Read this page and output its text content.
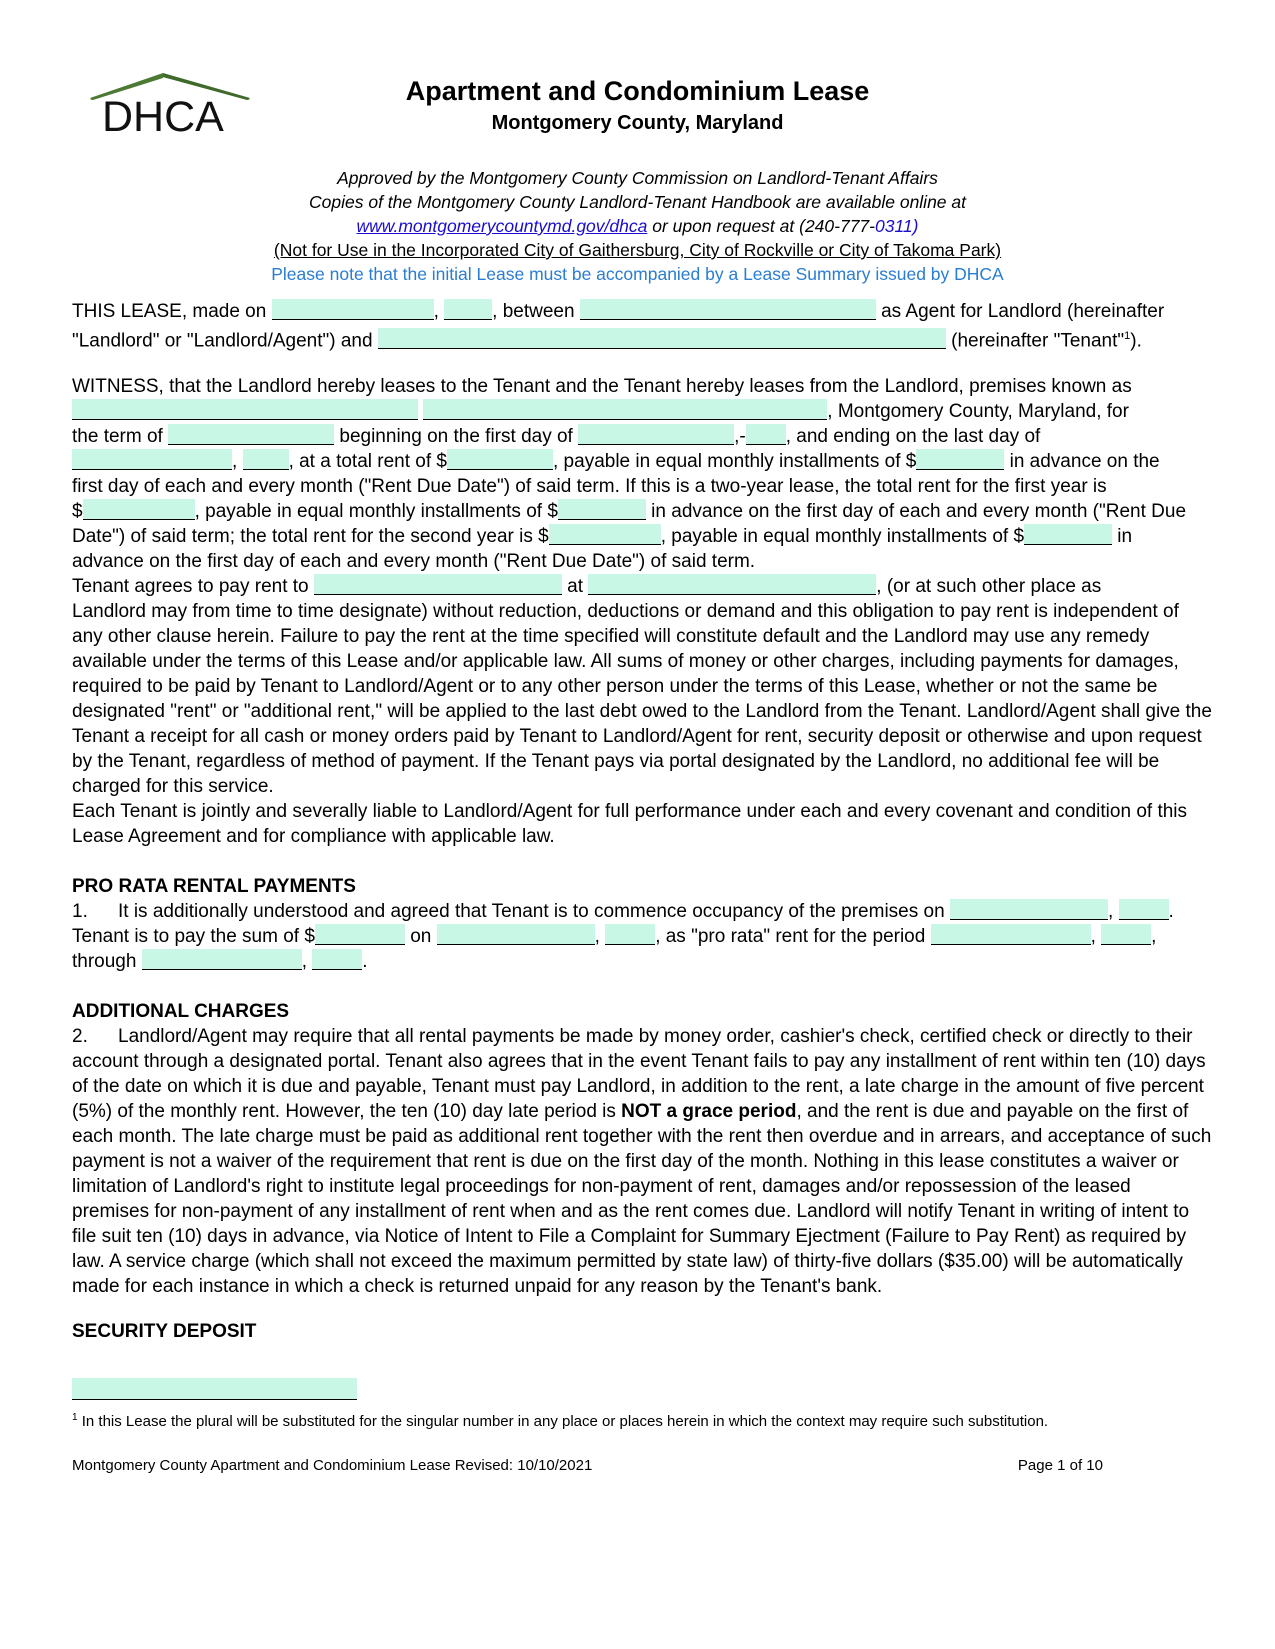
DHCA
Apartment and Condominium Lease
Montgomery County, Maryland
Approved by the Montgomery County Commission on Landlord-Tenant Affairs
Copies of the Montgomery County Landlord-Tenant Handbook are available online at
www.montgomerycountymd.gov/dhca or upon request at (240-777-0311)
(Not for Use in the Incorporated City of Gaithersburg, City of Rockville or City of Takoma Park)
Please note that the initial Lease must be accompanied by a Lease Summary issued by DHCA
THIS LEASE, made on	,	, between	as Agent for Landlord (hereinafter
"Landlord" or "Landlord/Agent") and	(hereinafter "Tenant"$^1$).
WITNESS, that the Landlord hereby leases to the Tenant and the Tenant hereby leases from the Landlord, premises known as
, Montgomery County, Maryland, for
the term of	beginning on the first day of	,- , and ending on the last day of
, , at a total rent of $	, payable in equal monthly installments of $	in advance on the
first day of each and every month ("Rent Due Date") of said term. If this is a two-year lease, the total rent for the first year is
$	, payable in equal monthly installments of $	in advance on the first day of each and every month ("Rent Due
Date") of said term; the total rent for the second year is $	, payable in equal monthly installments of $	in
advance on the first day of each and every month ("Rent Due Date") of said term.
Tenant agrees to pay rent to	at	, (or at such other place as
Landlord may from time to time designate) without reduction, deductions or demand and this obligation to pay rent is independent of any other clause herein. Failure to pay the rent at the time specified will constitute default and the Landlord may use any remedy available under the terms of this Lease and/or applicable law. All sums of money or other charges, including payments for damages, required to be paid by Tenant to Landlord/Agent or to any other person under the terms of this Lease, whether or not the same be designated "rent" or "additional rent," will be applied to the last debt owed to the Landlord from the Tenant. Landlord/Agent shall give the Tenant a receipt for all cash or money orders paid by Tenant to Landlord/Agent for rent, security deposit or otherwise and upon request by the Tenant, regardless of method of payment. If the Tenant pays via portal designated by the Landlord, no additional fee will be charged for this service.
Each Tenant is jointly and severally liable to Landlord/Agent for full performance under each and every covenant and condition of this Lease Agreement and for compliance with applicable law.
PRO RATA RENTAL PAYMENTS
1. It is additionally understood and agreed that Tenant is to commence occupancy of the premises on	,	.
Tenant is to pay the sum of $	on	,	, as "pro rata" rent for the period	,	,
through	,	.
ADDITIONAL CHARGES
2. Landlord/Agent may require that all rental payments be made by money order, cashier's check, certified check or directly to their account through a designated portal. Tenant also agrees that in the event Tenant fails to pay any installment of rent within ten (10) days of the date on which it is due and payable, Tenant must pay Landlord, in addition to the rent, a late charge in the amount of five percent (5%) of the monthly rent. However, the ten (10) day late period is NOT a grace period, and the rent is due and payable on the first of each month. The late charge must be paid as additional rent together with the rent then overdue and in arrears, and acceptance of such payment is not a waiver of the requirement that rent is due on the first day of the month. Nothing in this lease constitutes a waiver or limitation of Landlord's right to institute legal proceedings for non-payment of rent, damages and/or repossession of the leased premises for non-payment of any installment of rent when and as the rent comes due. Landlord will notify Tenant in writing of intent to file suit ten (10) days in advance, via Notice of Intent to File a Complaint for Summary Ejectment (Failure to Pay Rent) as required by law. A service charge (which shall not exceed the maximum permitted by state law) of thirty-five dollars ($35.00) will be automatically made for each instance in which a check is returned unpaid for any reason by the Tenant's bank.
SECURITY DEPOSIT
$^1$ In this Lease the plural will be substituted for the singular number in any place or places herein in which the context may require such substitution.
Montgomery County Apartment and Condominium Lease Revised: 10/10/2021	Page 1 of 10
